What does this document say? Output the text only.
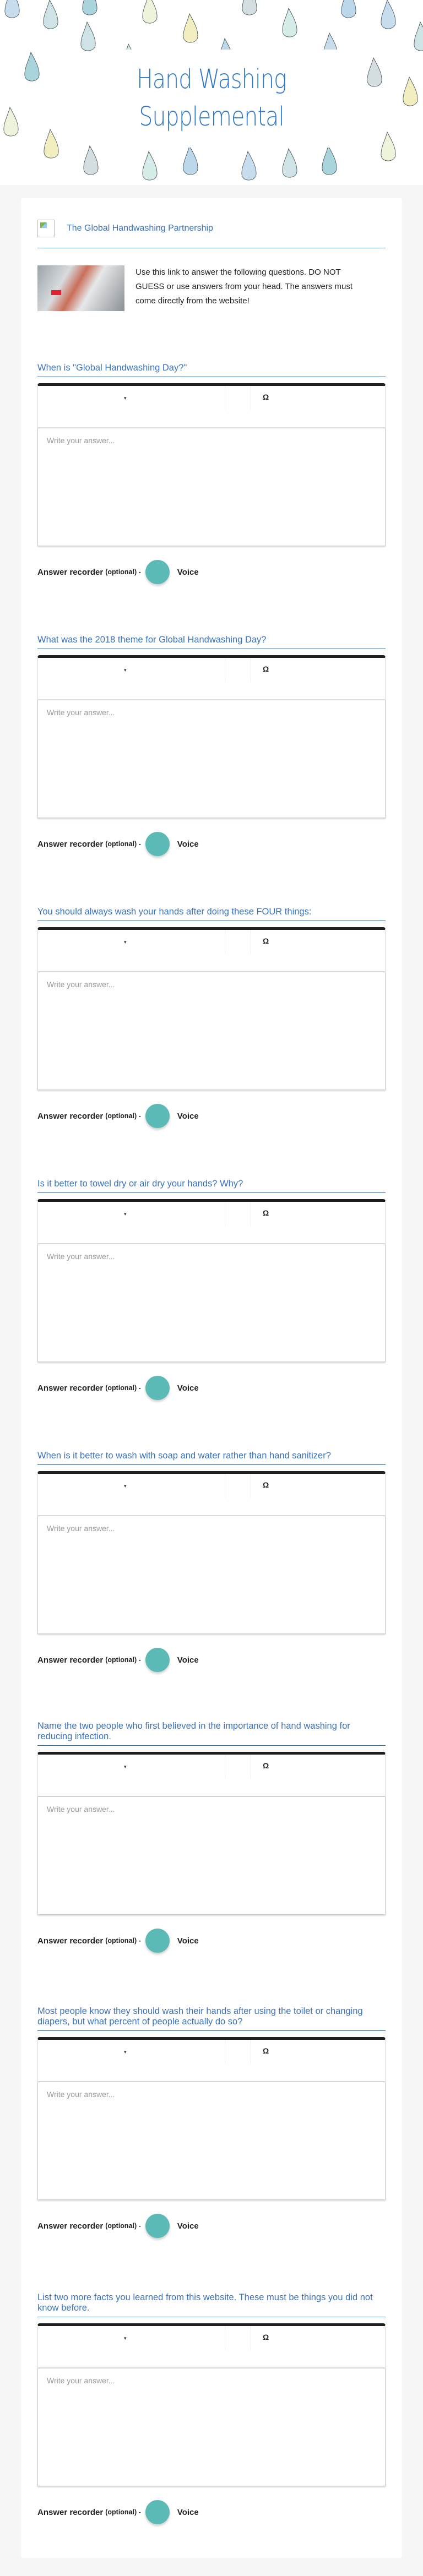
Hand Washing
Supplemental
The Global Handwashing Partnership
Use this link to answer the following questions. DO NOT GUESS or use answers from your head. The answers must come directly from the website!
When is "Global Handwashing Day?"
▾	Ω
Write your answer...
Answer recorder (optional) -	Voice
What was the 2018 theme for Global Handwashing Day?
▾	Ω
Write your answer...
Answer recorder (optional) -	Voice
You should always wash your hands after doing these FOUR things:
▾	Ω
Write your answer...
Answer recorder (optional) -	Voice
Is it better to towel dry or air dry your hands? Why?
▾	Ω
Write your answer...
Answer recorder (optional) -	Voice
When is it better to wash with soap and water rather than hand sanitizer?
▾	Ω
Write your answer...
Answer recorder (optional) -	Voice
Name the two people who first believed in the importance of hand washing for reducing infection.
▾	Ω
Write your answer...
Answer recorder (optional) -	Voice
Most people know they should wash their hands after using the toilet or changing diapers, but what percent of people actually do so?
▾	Ω
Write your answer...
Answer recorder (optional) -	Voice
List two more facts you learned from this website. These must be things you did not know before.
▾	Ω
Write your answer...
Answer recorder (optional) -	Voice
